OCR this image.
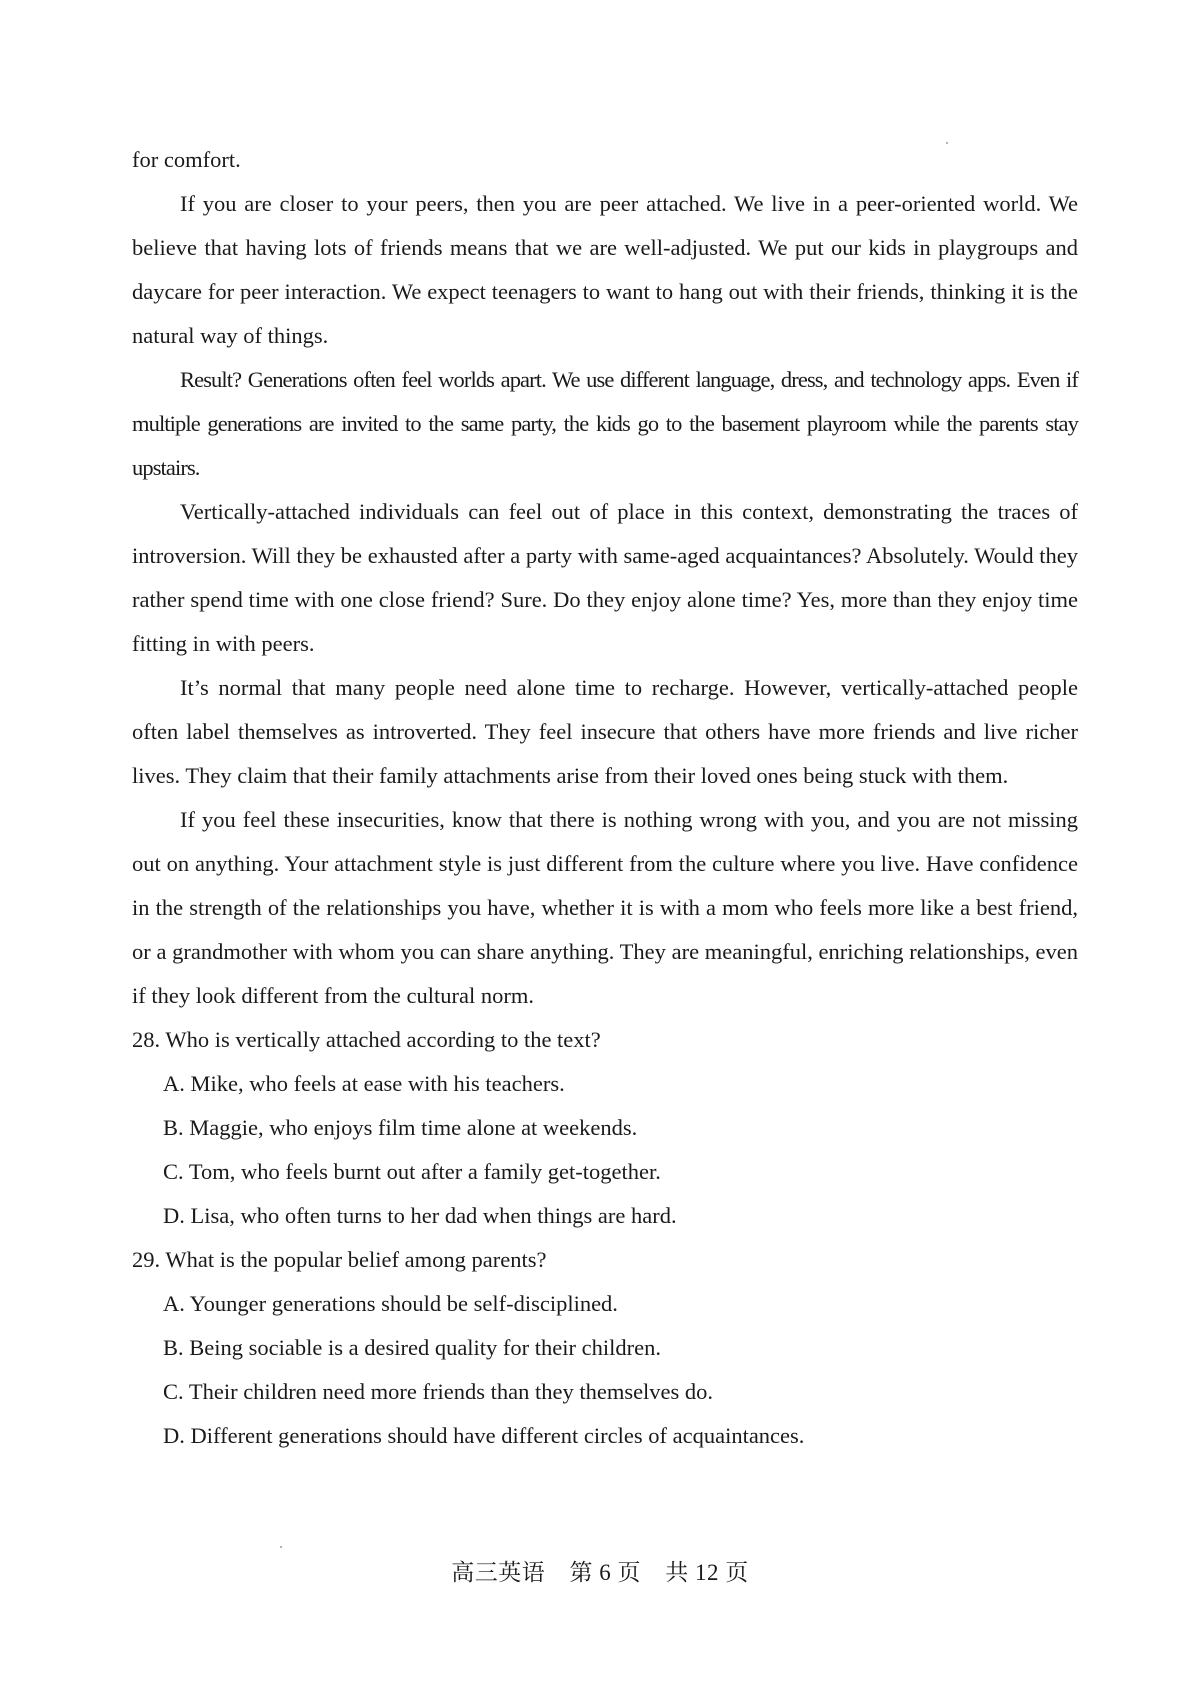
for comfort.

If you are closer to your peers, then you are peer attached. We live in a peer-oriented world. We believe that having lots of friends means that we are well-adjusted. We put our kids in playgroups and daycare for peer interaction. We expect teenagers to want to hang out with their friends, thinking it is the natural way of things.

Result? Generations often feel worlds apart. We use different language, dress, and technology apps. Even if multiple generations are invited to the same party, the kids go to the basement playroom while the parents stay upstairs.

Vertically-attached individuals can feel out of place in this context, demonstrating the traces of introversion. Will they be exhausted after a party with same-aged acquaintances? Absolutely. Would they rather spend time with one close friend? Sure. Do they enjoy alone time? Yes, more than they enjoy time fitting in with peers.

It’s normal that many people need alone time to recharge. However, vertically-attached people often label themselves as introverted. They feel insecure that others have more friends and live richer lives. They claim that their family attachments arise from their loved ones being stuck with them.

If you feel these insecurities, know that there is nothing wrong with you, and you are not missing out on anything. Your attachment style is just different from the culture where you live. Have confidence in the strength of the relationships you have, whether it is with a mom who feels more like a best friend, or a grandmother with whom you can share anything. They are meaningful, enriching relationships, even if they look different from the cultural norm.

28. Who is vertically attached according to the text?

A. Mike, who feels at ease with his teachers.

B. Maggie, who enjoys film time alone at weekends.

C. Tom, who feels burnt out after a family get-together.

D. Lisa, who often turns to her dad when things are hard.

29. What is the popular belief among parents?

A. Younger generations should be self-disciplined.

B. Being sociable is a desired quality for their children.

C. Their children need more friends than they themselves do.

D. Different generations should have different circles of acquaintances.

高三英语 第 6 页 共 12 页
